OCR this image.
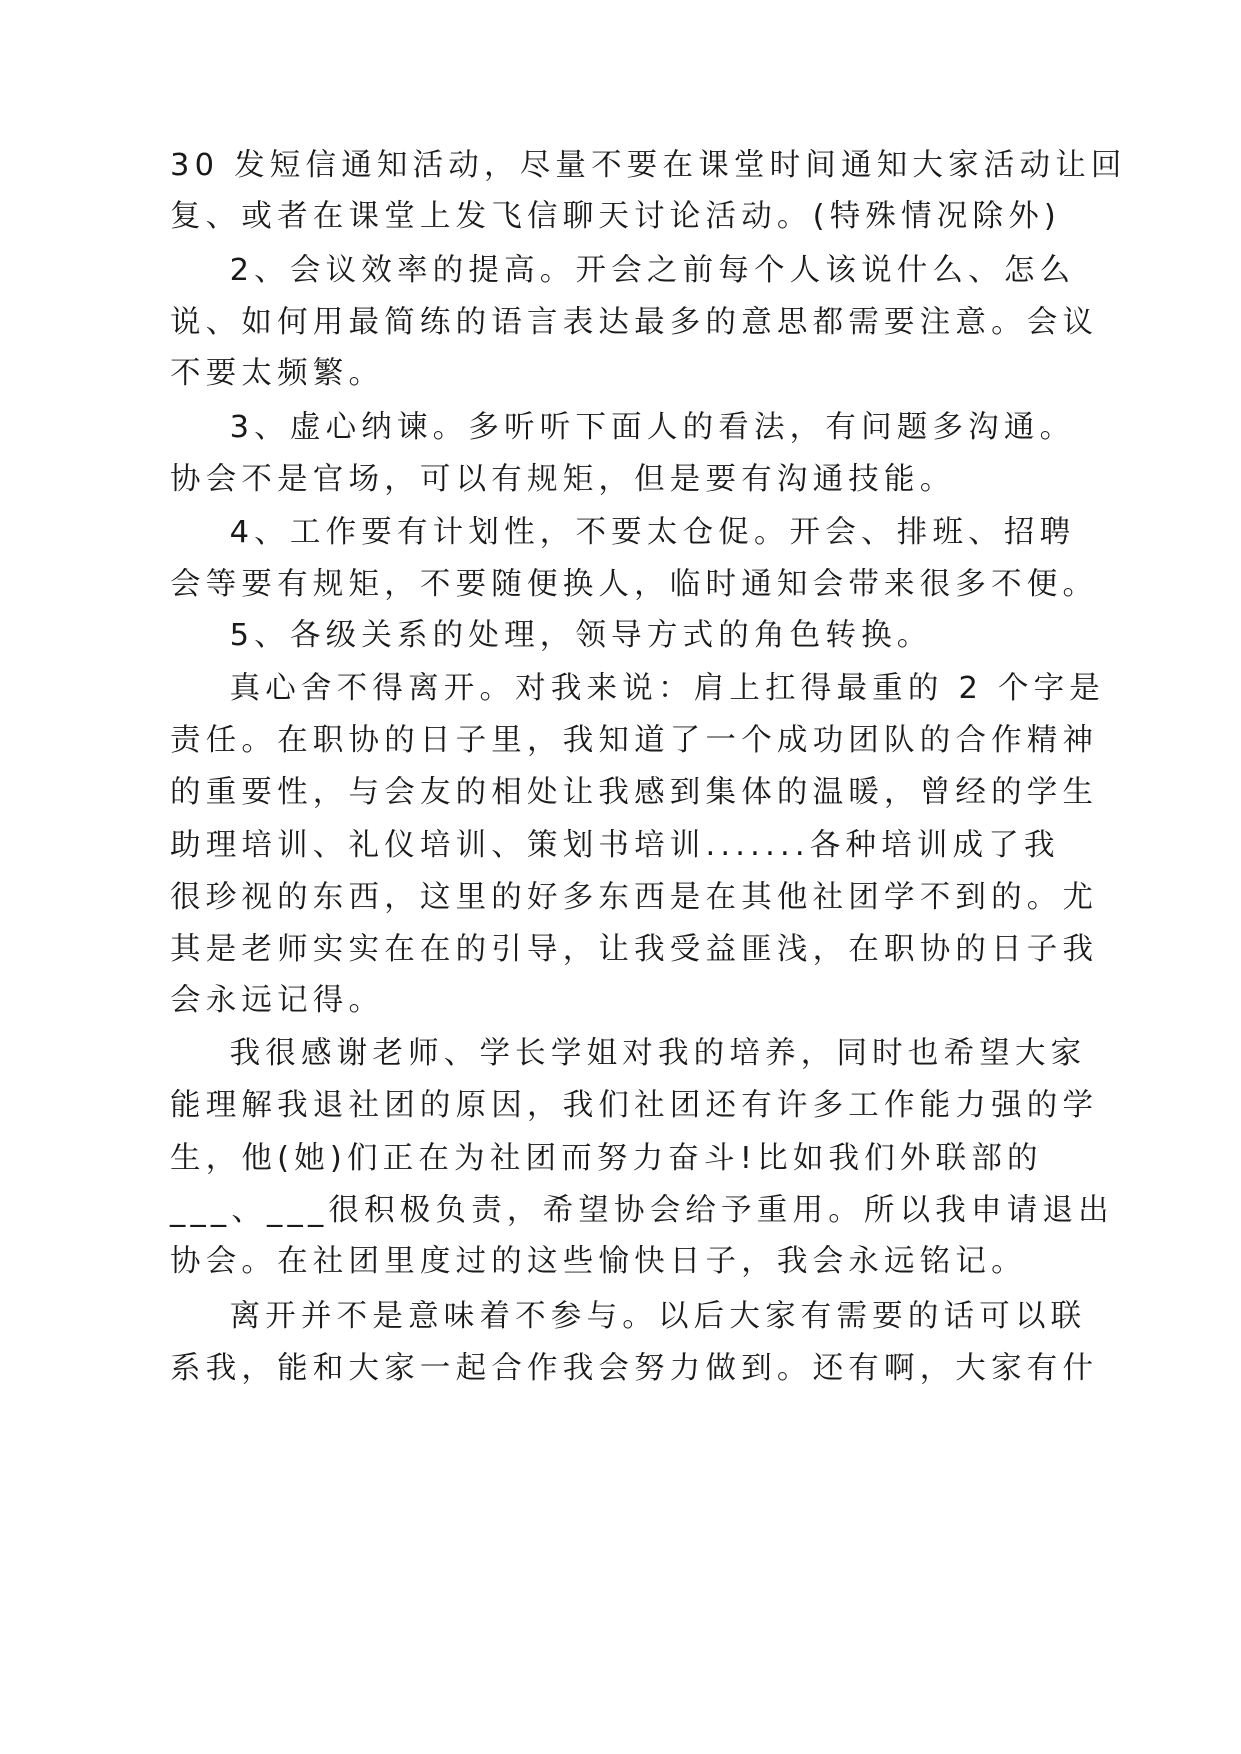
30 发短信通知活动，尽量不要在课堂时间通知大家活动让回
复、或者在课堂上发飞信聊天讨论活动。(特殊情况除外)
2、会议效率的提高。开会之前每个人该说什么、怎么
说、如何用最简练的语言表达最多的意思都需要注意。会议
不要太频繁。
3、虚心纳谏。多听听下面人的看法，有问题多沟通。
协会不是官场，可以有规矩，但是要有沟通技能。
4、工作要有计划性，不要太仓促。开会、排班、招聘
会等要有规矩，不要随便换人，临时通知会带来很多不便。
5、各级关系的处理，领导方式的角色转换。
真心舍不得离开。对我来说：肩上扛得最重的 2 个字是
责任。在职协的日子里，我知道了一个成功团队的合作精神
的重要性，与会友的相处让我感到集体的温暖，曾经的学生
助理培训、礼仪培训、策划书培训.......各种培训成了我
很珍视的东西，这里的好多东西是在其他社团学不到的。尤
其是老师实实在在的引导，让我受益匪浅，在职协的日子我
会永远记得。
我很感谢老师、学长学姐对我的培养，同时也希望大家
能理解我退社团的原因，我们社团还有许多工作能力强的学
生，他(她)们正在为社团而努力奋斗!比如我们外联部的
___、___很积极负责，希望协会给予重用。所以我申请退出
协会。在社团里度过的这些愉快日子，我会永远铭记。
离开并不是意味着不参与。以后大家有需要的话可以联
系我，能和大家一起合作我会努力做到。还有啊，大家有什
